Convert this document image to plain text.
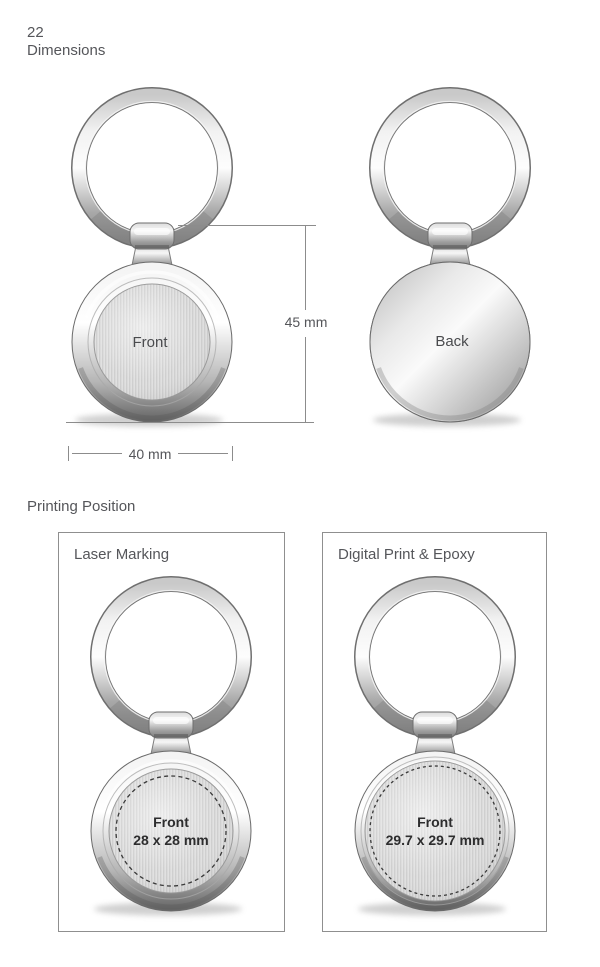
22
Dimensions
Front	Back
45 mm
40 mm
Printing Position
Laser Marking
Front
28 x 28 mm
Digital Print & Epoxy
Front
29.7 x 29.7 mm
